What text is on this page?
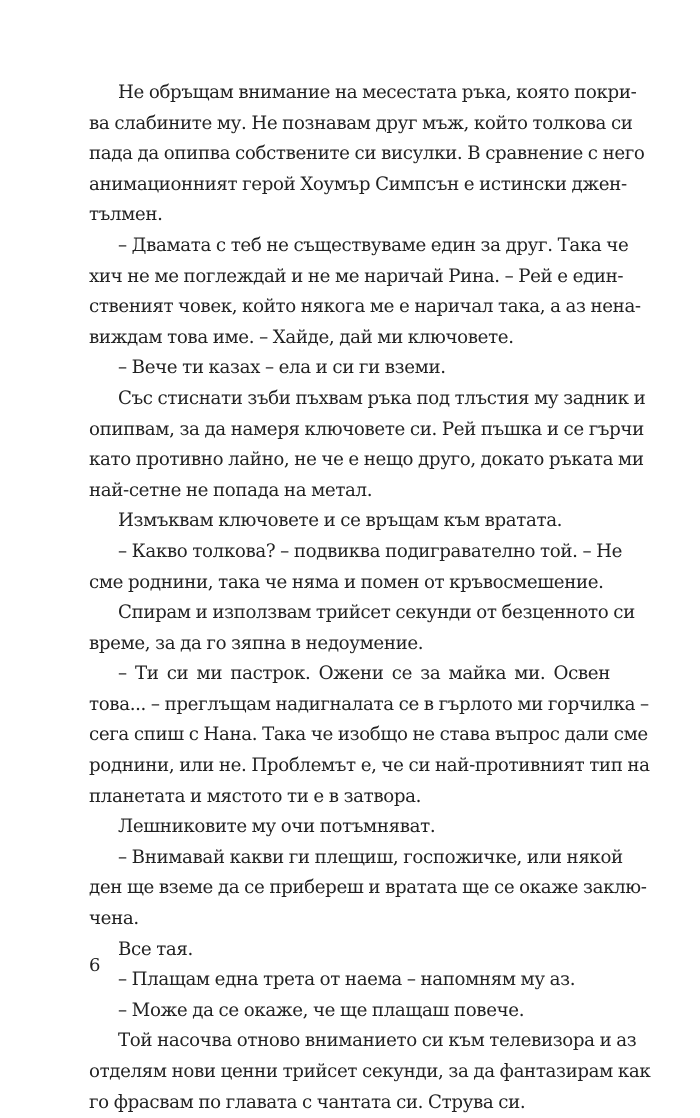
Не обръщам внимание на месестата ръка, която покри-
ва слабините му. Не познавам друг мъж, който толкова си
пада да опипва собствените си висулки. В сравнение с него
анимационният герой Хоумър Симпсън е истински джен-
тълмен.
– Двамата с теб не съществуваме един за друг. Така че
хич не ме поглеждай и не ме наричай Рина. – Рей е един-
ственият човек, който някога ме е наричал така, а аз нена-
виждам това име. – Хайде, дай ми ключовете.
– Вече ти казах – ела и си ги вземи.
Със стиснати зъби пъхвам ръка под тлъстия му задник и
опипвам, за да намеря ключовете си. Рей пъшка и се гърчи
като противно лайно, не че е нещо друго, докато ръката ми
най-сетне не попада на метал.
Измъквам ключовете и се връщам към вратата.
– Какво толкова? – подвиква подигравателно той. – Не
сме роднини, така че няма и помен от кръвосмешение.
Спирам и използвам трийсет секунди от безценното си
време, за да го зяпна в недоумение.
– Ти си ми пастрок. Ожени се за майка ми. Освен
това... – преглъщам надигналата се в гърлото ми горчилка –
сега спиш с Нана. Така че изобщо не става въпрос дали сме
роднини, или не. Проблемът е, че си най-противният тип на
планетата и мястото ти е в затвора.
Лешниковите му очи потъмняват.
– Внимавай какви ги плещиш, госпожичке, или някой
ден ще вземе да се прибереш и вратата ще се окаже заклю-
чена.
Все тая.
– Плащам една трета от наема – напомням му аз.
– Може да се окаже, че ще плащаш повече.
Той насочва отново вниманието си към телевизора и аз
отделям нови ценни трийсет секунди, за да фантазирам как
го фрасвам по главата с чантата си. Струва си.
6
